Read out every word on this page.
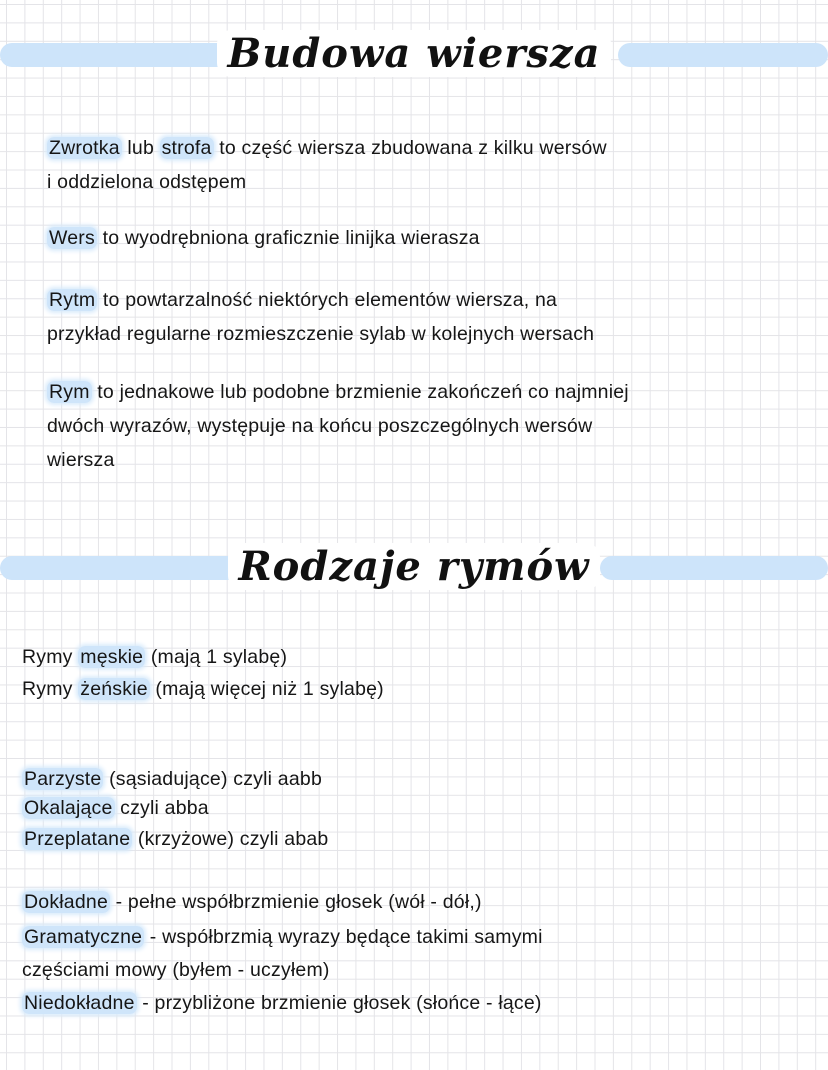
Budowa wiersza
Rodzaje rymów
Zwrotka lub strofa to część wiersza zbudowana z kilku wersów
i oddzielona odstępem
Wers to wyodrębniona graficznie linijka wierasza
Rytm to powtarzalność niektórych elementów wiersza, na
przykład regularne rozmieszczenie sylab w kolejnych wersach
Rym to jednakowe lub podobne brzmienie zakończeń co najmniej
dwóch wyrazów, występuje na końcu poszczególnych wersów
wiersza
Rymy męskie (mają 1 sylabę)
Rymy żeńskie (mają więcej niż 1 sylabę)
Parzyste (sąsiadujące) czyli aabb
Okalające czyli abba
Przeplatane (krzyżowe) czyli abab
Dokładne - pełne współbrzmienie głosek (wół - dół,)
Gramatyczne - współbrzmią wyrazy będące takimi samymi
częściami mowy (byłem - uczyłem)
Niedokładne - przybliżone brzmienie głosek (słońce - łące)
